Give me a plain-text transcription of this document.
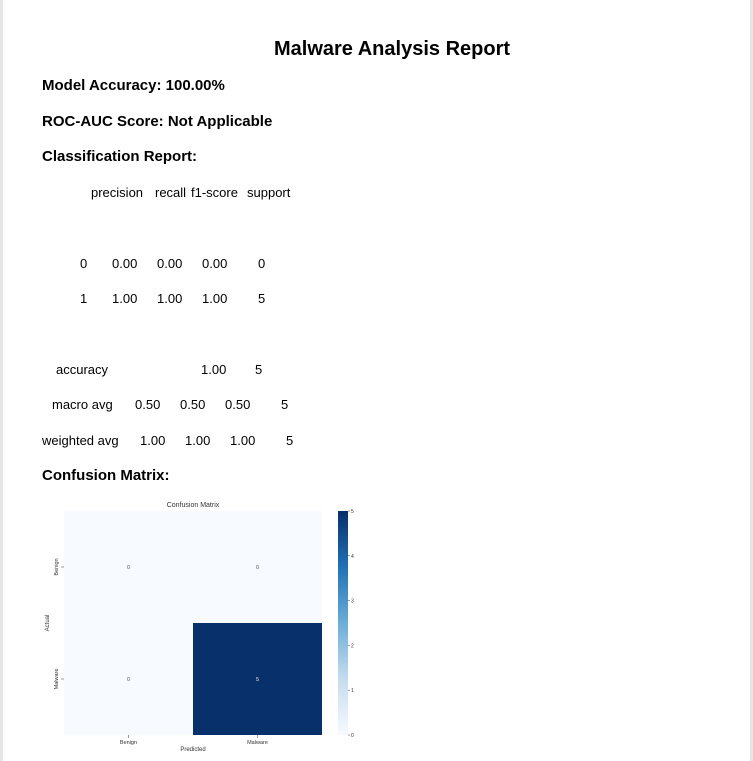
Malware Analysis Report
Model Accuracy: 100.00%
ROC-AUC Score: Not Applicable
Classification Report:
precision recall f1-score support
0 0.00 0.00 0.00 0
1 1.00 1.00 1.00 5
accuracy	1.00 5
macro avg 0.50 0.50 0.50 5
weighted avg 1.00 1.00 1.00 5
Confusion Matrix:
Confusion Matrix
0	0
0	5
Benign	Malware
Benign
Malware
Predicted
Actual
0
1
2
3
4
5
